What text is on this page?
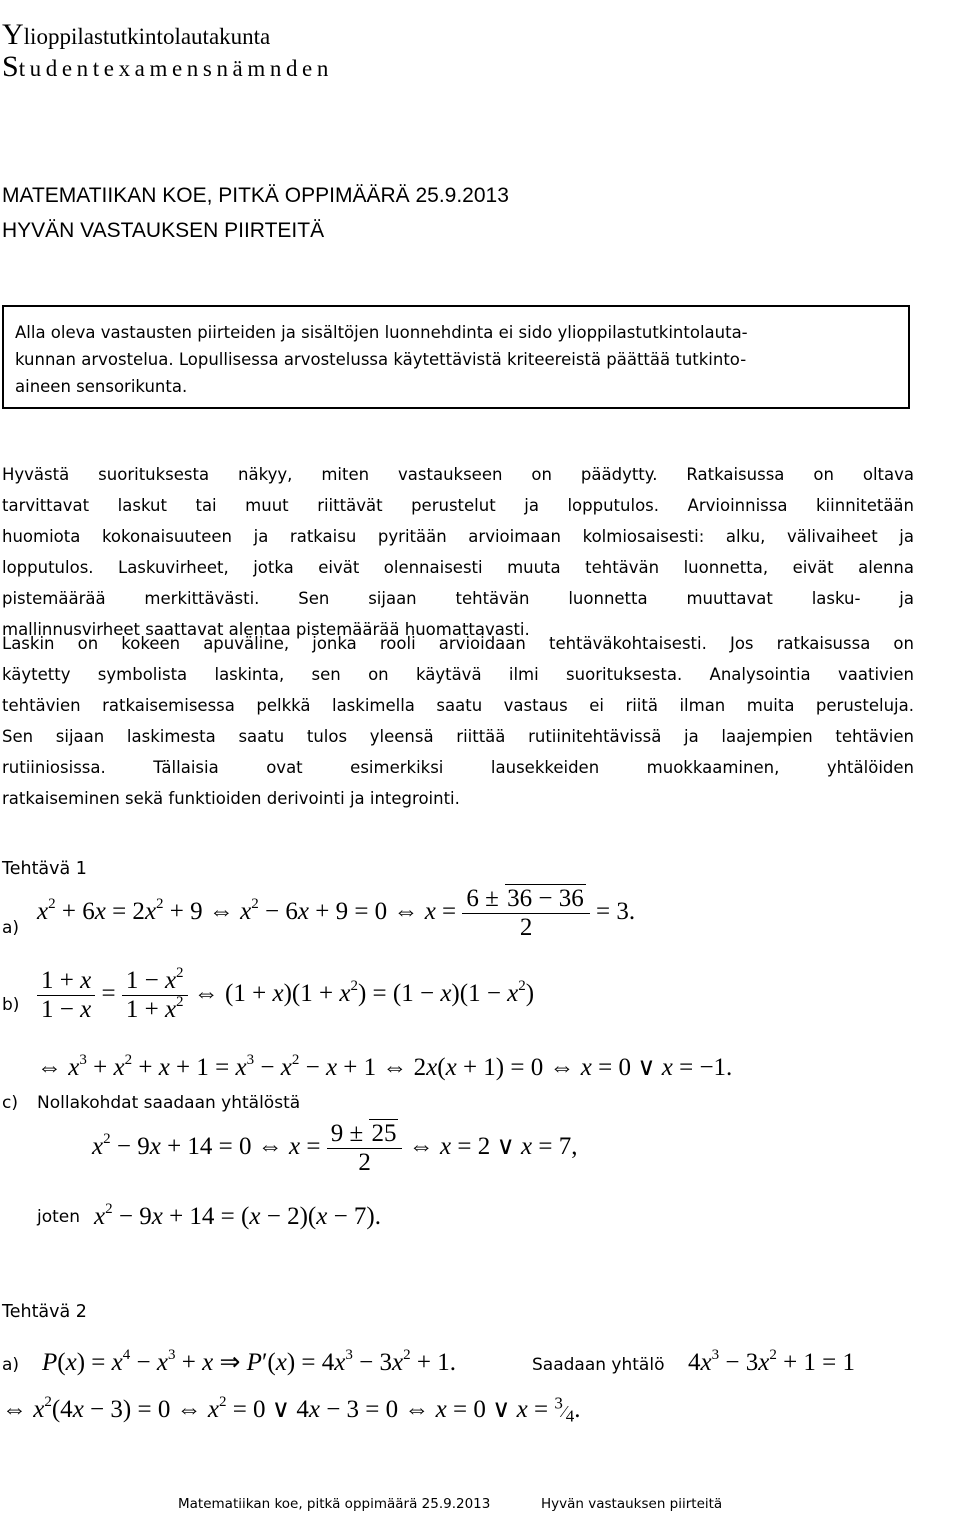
Ylioppilastutkintolautakunta
Studentexamensnämnden
MATEMATIIKAN KOE, PITKÄ OPPIMÄÄRÄ 25.9.2013
HYVÄN VASTAUKSEN PIIRTEITÄ
Alla oleva vastausten piirteiden ja sisältöjen luonnehdinta ei sido ylioppilastutkintolauta-
kunnan arvostelua. Lopullisessa arvostelussa käytettävistä kriteereistä päättää tutkinto-
aineen sensorikunta.
Hyvästä suorituksesta näkyy, miten vastaukseen on päädytty. Ratkaisussa on oltava
tarvittavat laskut tai muut riittävät perustelut ja lopputulos. Arvioinnissa kiinnitetään
huomiota kokonaisuuteen ja ratkaisu pyritään arvioimaan kolmiosaisesti: alku, välivaiheet ja
lopputulos. Laskuvirheet, jotka eivät olennaisesti muuta tehtävän luonnetta, eivät alenna
pistemäärää merkittävästi. Sen sijaan tehtävän luonnetta muuttavat lasku- ja
mallinnusvirheet saattavat alentaa pistemäärää huomattavasti.
Laskin on kokeen apuväline, jonka rooli arvioidaan tehtäväkohtaisesti. Jos ratkaisussa on
käytetty symbolista laskinta, sen on käytävä ilmi suorituksesta. Analysointia vaativien
tehtävien ratkaisemisessa pelkkä laskimella saatu vastaus ei riitä ilman muita perusteluja.
Sen sijaan laskimesta saatu tulos yleensä riittää rutiinitehtävissä ja laajempien tehtävien
rutiiniosissa. Tällaisia ovat esimerkiksi lausekkeiden muokkaaminen, yhtälöiden
ratkaiseminen sekä funktioiden derivointi ja integrointi.
Tehtävä 1
a)
$x^2 + 6x = 2x^2 + 9$ ⇔ $x^2 - 6x + 9 = 0$ ⇔ $x = \frac{6 \pm 36 - 36}{2} = 3$.
$b) \frac{1 + x}{1 - x} = \frac{1 - x^2}{1 + x^2}$ ⇔ $(1 + x)(1 + x^2) = (1 - x)(1 - x^2)$
⇔ $x^3 + x^2 + x + 1 = x^3 - x^2 - x + 1$ ⇔ 2x(x + 1) = 0 ⇔ x = 0 ∨ x = −1.
c) Nollakohdat saadaan yhtälöstä
$x^2 - 9x + 14 = 0$ ⇔ $x = \frac{9 \pm 25}{2}$ ⇔ x = 2 ∨ x = 7,
joten $x^2 - 9x + 14 = (x - 2)(x - 7)$.
Tehtävä 2
a) $P(x) = x^4 - x^3 + x$ ⇒ $P'(x) = 4x^3 - 3x^2 + 1$.	Saadaan yhtälö $4x^3 - 3x^2 + 1 = 1$
⇔ $x^2(4x - 3) = 0$ ⇔ $x^2 = 0$ ∨ 4x − 3 = 0 ⇔ x = 0 ∨ $x = ^3⁄_4$.
Matematiikan koe, pitkä oppimäärä 25.9.2013	Hyvän vastauksen piirteitä
